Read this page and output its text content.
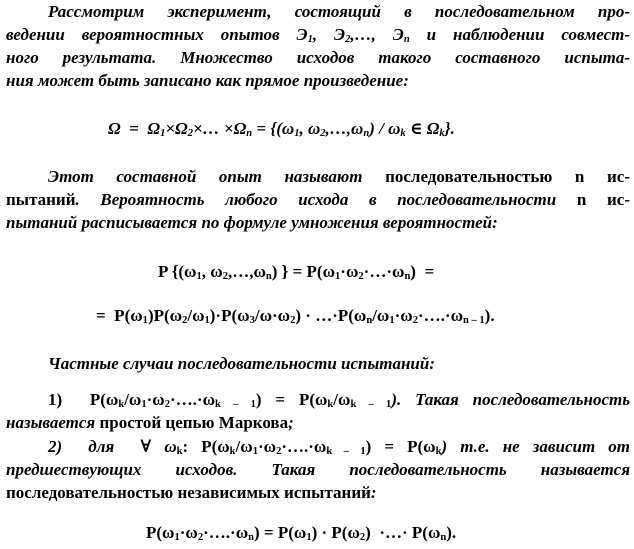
Рассмотрим эксперимент, состоящий в последовательном про-
ведении вероятностных опытов $Э_1$, $Э_2,\dots$, $Э_n$ и наблюдении совмест-
ного результата. Множество исходов такого составного испыта-
ния может быть записано как прямое произведение:
$\Omega = \Omega_1\times\Omega_2\times\dots \times\Omega_n = \{(\omega_1$, $\omega_2,\dots,\omega_n) / \omega_k$ ∈ $\Omega_k$}.
Этот составной опыт называют последовательностью n ис-
пытаний. Вероятность любого исхода в последовательности n ис-
пытаний расписывается по формуле умножения вероятностей:
P {($\omega_1$, $\omega_2,\dots,\omega_n$) } = $P(\omega_1\cdot\omega_2\cdot\dots\cdot\omega_n)$  =
=  $P(\omega_1)P(\omega_2/\omega_1)\cdot P(\omega_3/\omega\cdot\omega_2)$ · $\dots\cdot P(\omega_n/\omega_1\cdot\omega_2\cdot\dots.\cdot\omega_{n - 1})$.
Частные случаи последовательности испытаний:
1)  $P(\omega_k/\omega_1\cdot\omega_2\cdot\dots.\cdot\omega_{k - 1}) = P(\omega_k/\omega_{k - 1})$. Такая последовательность
называется простой цепью Маркова;
2)  для  ∀ $\omega_k$: $P(\omega_k/\omega_1\cdot\omega_2\cdot\dots.\cdot\omega_{k - 1}) = P(\omega_k)$ т.е. не зависит от
предшествующих исходов. Такая последовательность называется
последовательностью независимых испытаний:
$P(\omega_1\cdot\omega_2\cdot\dots.\cdot\omega_n) = P(\omega_1) \cdot P(\omega_2)$  ·…· $P(\omega_n)$.
